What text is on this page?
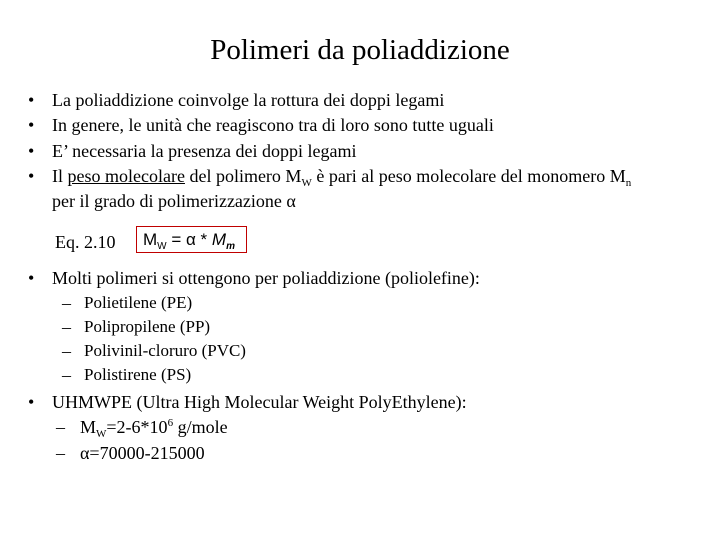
Polimeri da poliaddizione
• La poliaddizione coinvolge la rottura dei doppi legami
• In genere, le unità che reagiscono tra di loro sono tutte uguali
• E’ necessaria la presenza dei doppi legami
• Il peso molecolare del polimero $M_W$ è pari al peso molecolare del monomero $M_n$
per il grado di polimerizzazione α
Eq. 2.10	$M_W = \alpha * M_m$
• Molti polimeri si ottengono per poliaddizione (poliolefine):
– Polietilene (PE)
– Polipropilene (PP)
– Polivinil-cloruro (PVC)
– Polistirene (PS)
• UHMWPE (Ultra High Molecular Weight PolyEthylene):
– $M_W=2-6*10^6$ g/mole
– α=70000-215000
